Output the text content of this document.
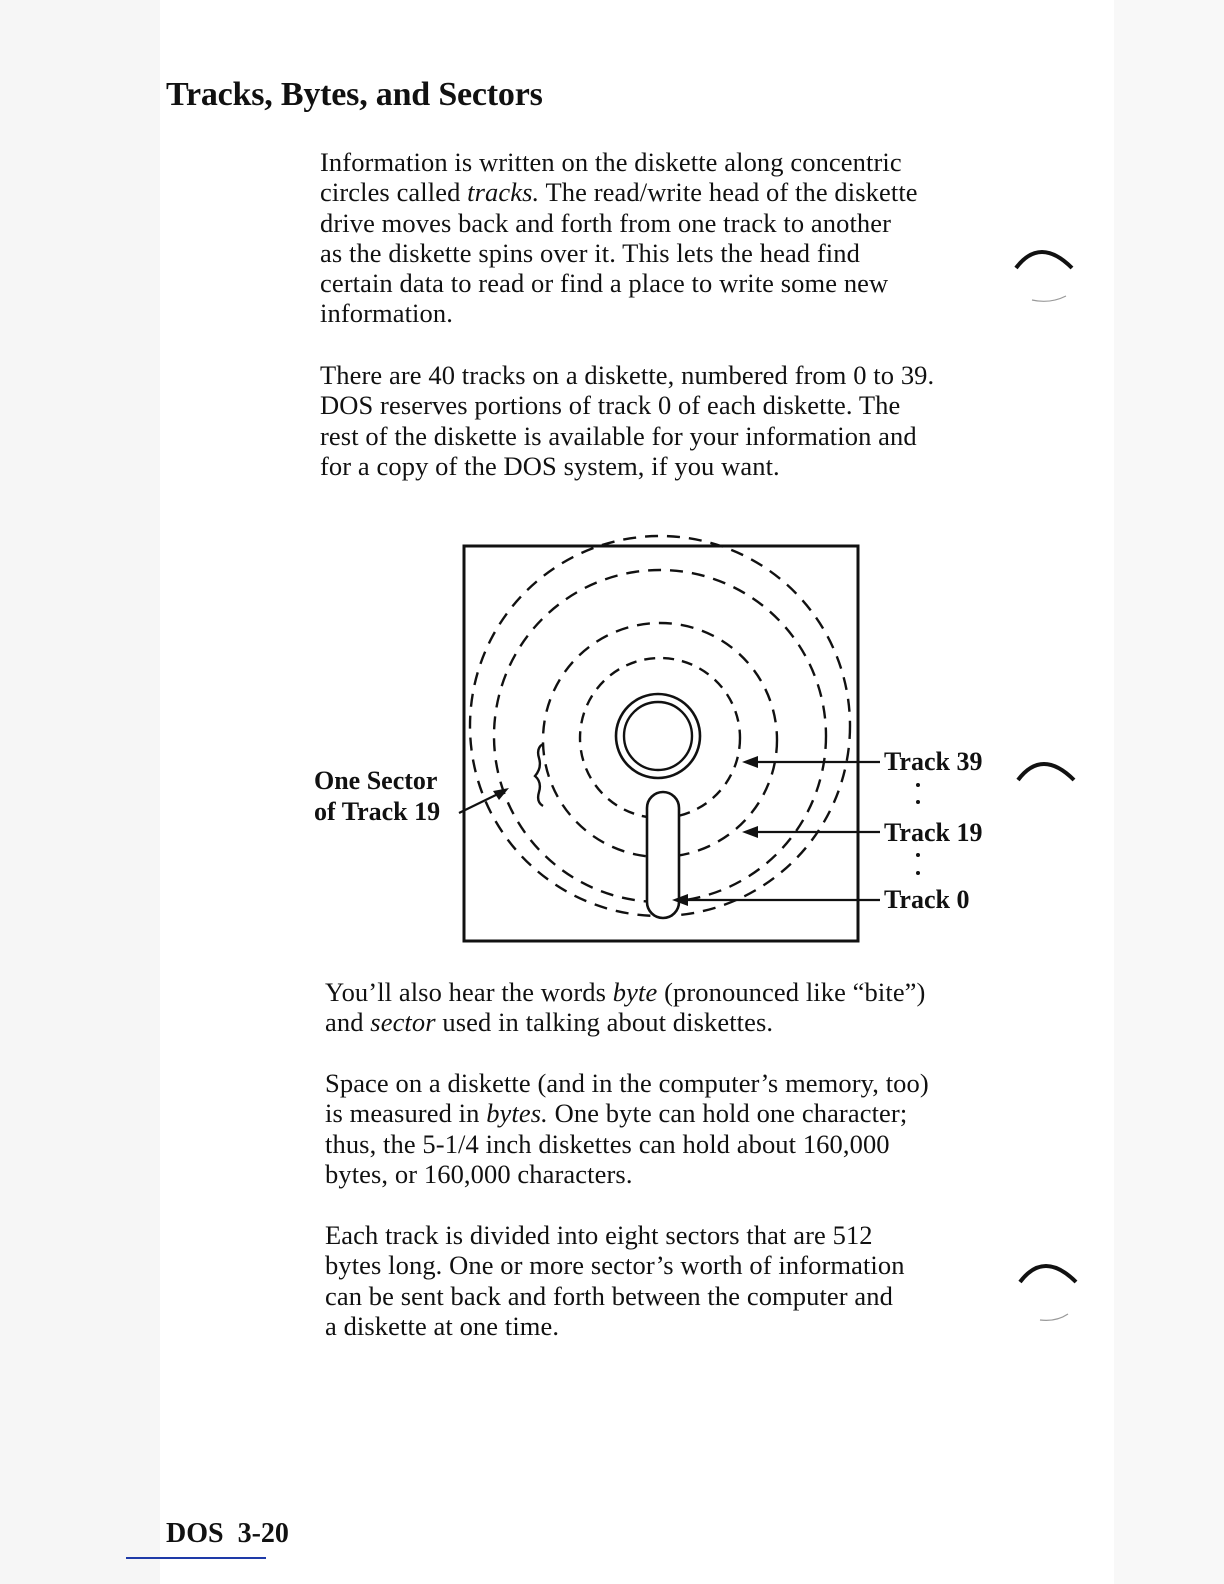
Tracks, Bytes, and Sectors

Information is written on the diskette along concentric
circles called tracks. The read/write head of the diskette
drive moves back and forth from one track to another
as the diskette spins over it. This lets the head find
certain data to read or find a place to write some new
information.

There are 40 tracks on a diskette, numbered from 0 to 39.
DOS reserves portions of track 0 of each diskette. The
rest of the diskette is available for your information and
for a copy of the DOS system, if you want.

One Sector
of Track 19
Track 39
Track 19
Track 0

You’ll also hear the words byte (pronounced like “bite”)
and sector used in talking about diskettes.

Space on a diskette (and in the computer’s memory, too)
is measured in bytes. One byte can hold one character;
thus, the 5-1/4 inch diskettes can hold about 160,000
bytes, or 160,000 characters.

Each track is divided into eight sectors that are 512
bytes long. One or more sector’s worth of information
can be sent back and forth between the computer and
a diskette at one time.

DOS  3-20
